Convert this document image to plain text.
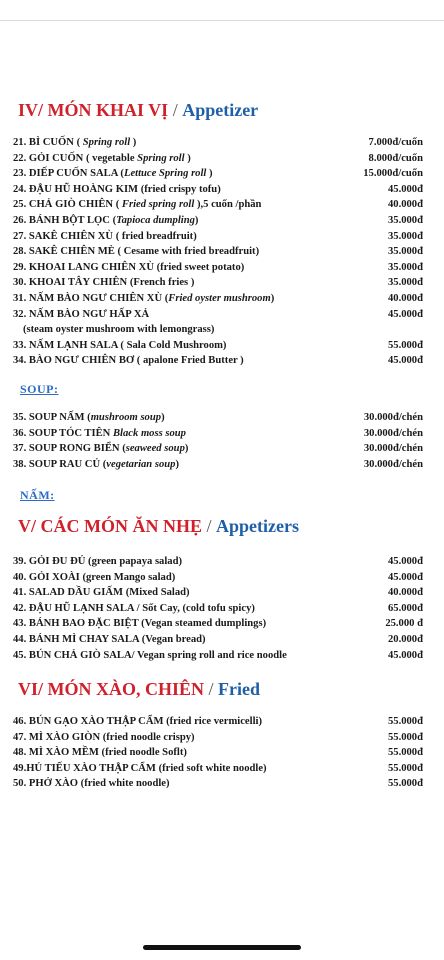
IV/ MÓN KHAI VỊ / Appetizer
21. BÌ CUỐN ( Spring roll )	7.000đ/cuốn
22. GỎI CUỐN ( vegetable Spring roll )	8.000đ/cuốn
23. DIẾP CUỐN SALA (Lettuce Spring roll )	15.000đ/cuốn
24. ĐẬU HŨ HOÀNG KIM (fried crispy tofu)	45.000đ
25. CHẢ GIÒ CHIÊN ( Fried spring roll ),5 cuốn /phần	40.000đ
26. BÁNH BỘT LỌC (Tapioca dumpling)	35.000đ
27. SAKÊ CHIÊN XÙ ( fried breadfruit)	35.000đ
28. SAKÊ CHIÊN MÈ ( Cesame with fried breadfruit)	35.000đ
29. KHOAI LANG CHIÊN XÙ (fried sweet potato)	35.000đ
30. KHOAI TÂY CHIÊN (French fries )	35.000đ
31. NẤM BÀO NGƯ CHIÊN XÙ (Fried oyster mushroom)	40.000đ
32. NẤM BÀO NGƯ HẤP XẢ	45.000đ
(steam oyster mushroom with lemongrass)
33. NẤM LẠNH SALA ( Sala Cold Mushroom)	55.000đ
34. BÀO NGƯ CHIÊN BƠ ( apalone Fried Butter )	45.000đ
SOUP:
35. SOUP NẤM (mushroom soup)	30.000đ/chén
36. SOUP TÓC TIÊN Black moss soup	30.000đ/chén
37. SOUP RONG BIỂN (seaweed soup)	30.000đ/chén
38. SOUP RAU CỦ (vegetarian soup)	30.000đ/chén
NẤM:
V/ CÁC MÓN ĂN NHẸ / Appetizers
39. GỎI ĐU ĐỦ (green papaya salad)	45.000đ
40. GỎI XOÀI (green Mango salad)	45.000đ
41. SALAD DẦU GIẤM (Mixed Salad)	40.000đ
42. ĐẬU HŨ LẠNH SALA / Sốt Cay, (cold tofu spicy)	65.000đ
43. BÁNH BAO ĐẶC BIỆT (Vegan steamed dumplings)	25.000 đ
44. BÁNH MÌ CHAY SALA (Vegan bread)	20.000đ
45. BÚN CHẢ GIÒ SALA/ Vegan spring roll and rice noodle	45.000đ
VI/ MÓN XÀO, CHIÊN / Fried
46. BÚN GẠO XÀO THẬP CẨM (fried rice vermicelli)	55.000đ
47. MÌ XÀO GIÒN (fried noodle crispy)	55.000đ
48. MÌ XÀO MỀM (fried noodle Soflt)	55.000đ
49.HỦ TIẾU XÀO THẬP CẨM (fried soft white noodle)	55.000đ
50. PHỞ XÀO (fried white noodle)	55.000đ
